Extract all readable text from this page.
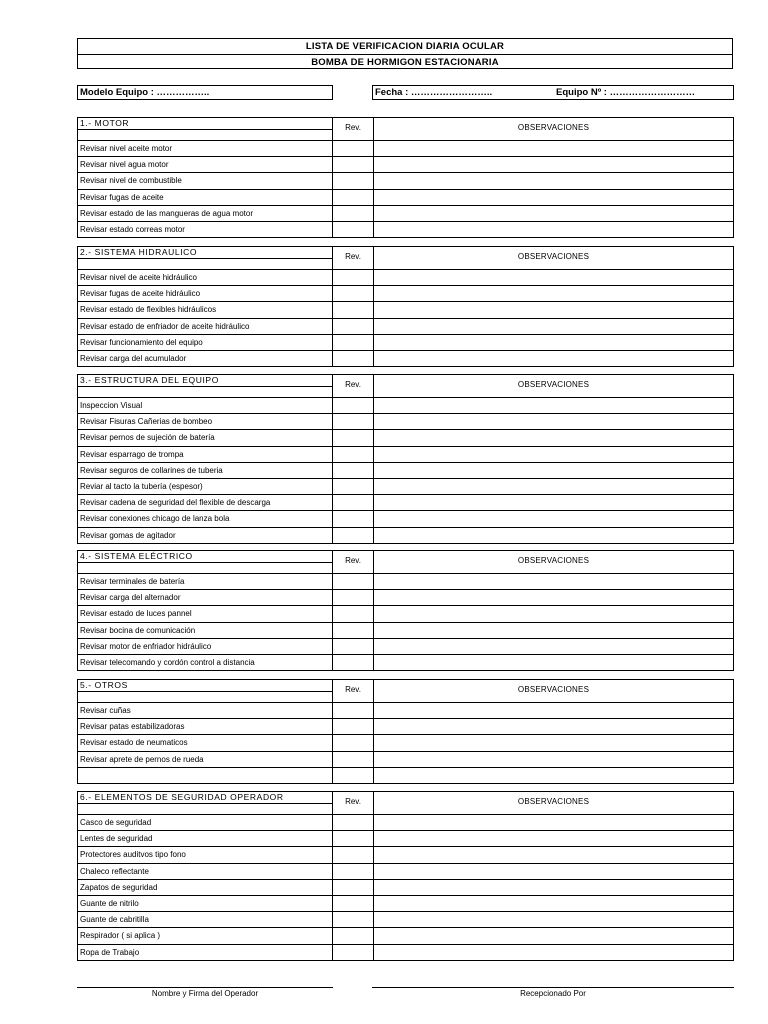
LISTA DE VERIFICACION DIARIA OCULAR
BOMBA DE HORMIGON ESTACIONARIA
Modelo Equipo : ……………..	Fecha : ……………………..	Equipo Nº : ………………………
1.- MOTOR	Rev.	OBSERVACIONES
Revisar nivel aceite motor
Revisar nivel agua motor
Revisar nivel de combustible
Revisar fugas de aceite
Revisar estado de las mangueras de agua motor
Revisar estado correas motor
2.- SISTEMA HIDRAULICO	Rev.	OBSERVACIONES
Revisar nivel de aceite hidráulico
Revisar fugas de aceite hidráulico
Revisar estado de flexibles hidráulicos
Revisar estado de enfriador de aceite hidráulico
Revisar funcionamiento del equipo
Revisar carga del acumulador
3.- ESTRUCTURA DEL EQUIPO	Rev.	OBSERVACIONES
Inspeccion Visual
Revisar Fisuras Cañerias de bombeo
Revisar pernos de sujeción de batería
Revisar esparrago de trompa
Revisar seguros de collarines de tuberia
Reviar al tacto la tubería (espesor)
Revisar cadena de seguridad del flexible de descarga
Revisar conexiones chicago de lanza bola
Revisar gomas de agitador
4.- SISTEMA ELÉCTRICO	Rev.	OBSERVACIONES
Revisar terminales de batería
Revisar carga del alternador
Revisar estado de luces pannel
Revisar bocina de comunicación
Revisar motor de enfriador hidráulico
Revisar telecomando y cordón control a distancia
5.- OTROS	Rev.	OBSERVACIONES
Revisar cuñas
Revisar patas estabilizadoras
Revisar estado de neumaticos
Revisar aprete de pernos de rueda
6.- ELEMENTOS DE SEGURIDAD OPERADOR	Rev.	OBSERVACIONES
Casco de seguridad
Lentes de seguridad
Protectores auditvos tipo fono
Chaleco reflectante
Zapatos de seguridad
Guante de nitrilo
Guante de cabritilla
Respirador ( si aplica )
Ropa de Trabajo
Nombre y Firma del Operador	Recepcionado Por
